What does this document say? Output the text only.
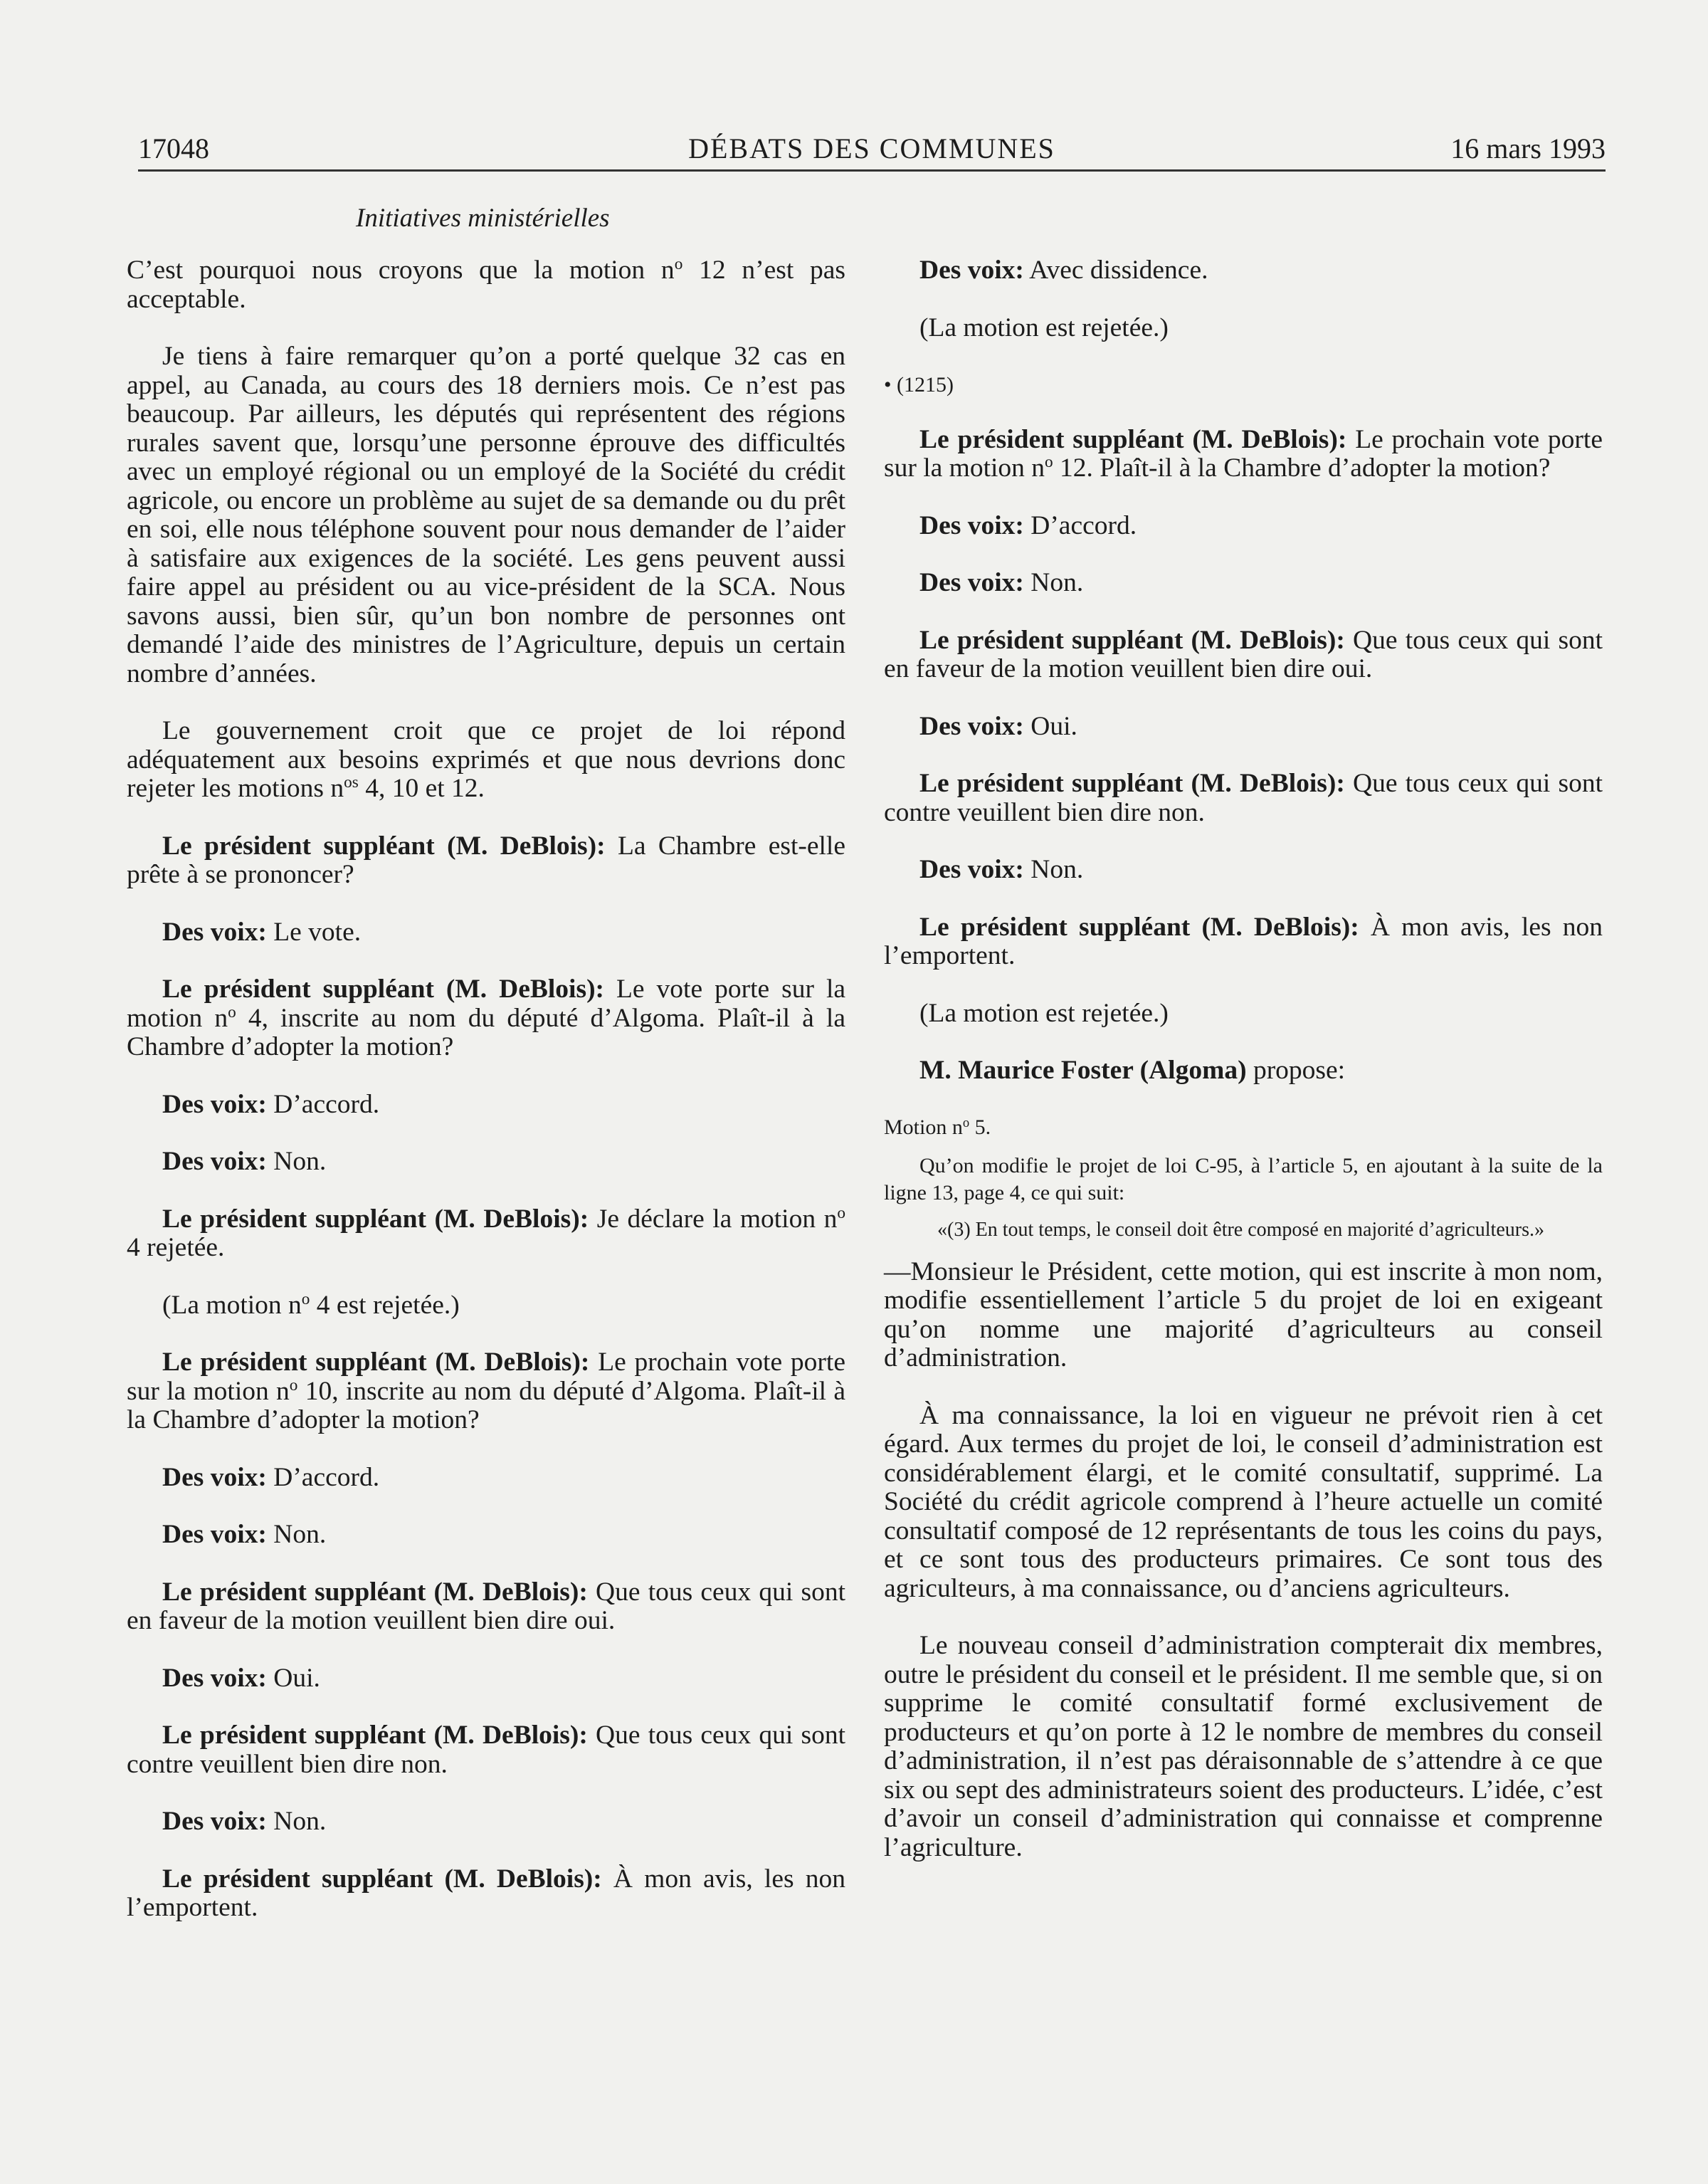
DÉBATS DES COMMUNES
17048	16 mars 1993
Initiatives ministérielles

C’est pourquoi nous croyons que la motion $n^o$ 12 n’est pas acceptable.

Je tiens à faire remarquer qu’on a porté quelque 32 cas en appel, au Canada, au cours des 18 derniers mois. Ce n’est pas beaucoup. Par ailleurs, les députés qui représentent des régions rurales savent que, lorsqu’une personne éprouve des difficultés avec un employé régional ou un employé de la Société du crédit agricole, ou encore un problème au sujet de sa demande ou du prêt en soi, elle nous téléphone souvent pour nous demander de l’aider à satisfaire aux exigences de la société. Les gens peuvent aussi faire appel au président ou au vice-président de la SCA. Nous savons aussi, bien sûr, qu’un bon nombre de personnes ont demandé l’aide des ministres de l’Agriculture, depuis un certain nombre d’années.

Le gouvernement croit que ce projet de loi répond adéquatement aux besoins exprimés et que nous devrions donc rejeter les motions $n^{os}$ 4, 10 et 12.

Le président suppléant (M. DeBlois): La Chambre est-elle prête à se prononcer?

Des voix: Le vote.

Le président suppléant (M. DeBlois): Le vote porte sur la motion $n^o$ 4, inscrite au nom du député d’Algoma. Plaît-il à la Chambre d’adopter la motion?

Des voix: D’accord.

Des voix: Non.

Le président suppléant (M. DeBlois): Je déclare la motion $n^o$ 4 rejetée.

(La motion $n^o$ 4 est rejetée.)

Le président suppléant (M. DeBlois): Le prochain vote porte sur la motion $n^o$ 10, inscrite au nom du député d’Algoma. Plaît-il à la Chambre d’adopter la motion?

Des voix: D’accord.

Des voix: Non.

Le président suppléant (M. DeBlois): Que tous ceux qui sont en faveur de la motion veuillent bien dire oui.

Des voix: Oui.

Le président suppléant (M. DeBlois): Que tous ceux qui sont contre veuillent bien dire non.

Des voix: Non.

Le président suppléant (M. DeBlois): À mon avis, les non l’emportent.

Des voix: Avec dissidence.

(La motion est rejetée.)

• (1215)

Le président suppléant (M. DeBlois): Le prochain vote porte sur la motion $n^o$ 12. Plaît-il à la Chambre d’adopter la motion?

Des voix: D’accord.

Des voix: Non.

Le président suppléant (M. DeBlois): Que tous ceux qui sont en faveur de la motion veuillent bien dire oui.

Des voix: Oui.

Le président suppléant (M. DeBlois): Que tous ceux qui sont contre veuillent bien dire non.

Des voix: Non.

Le président suppléant (M. DeBlois): À mon avis, les non l’emportent.

(La motion est rejetée.)

M. Maurice Foster (Algoma) propose:

Motion $n^o$ 5.

Qu’on modifie le projet de loi C-95, à l’article 5, en ajoutant à la suite de la ligne 13, page 4, ce qui suit:

«(3) En tout temps, le conseil doit être composé en majorité d’agriculteurs.»

—Monsieur le Président, cette motion, qui est inscrite à mon nom, modifie essentiellement l’article 5 du projet de loi en exigeant qu’on nomme une majorité d’agriculteurs au conseil d’administration.

À ma connaissance, la loi en vigueur ne prévoit rien à cet égard. Aux termes du projet de loi, le conseil d’administration est considérablement élargi, et le comité consultatif, supprimé. La Société du crédit agricole comprend à l’heure actuelle un comité consultatif composé de 12 représentants de tous les coins du pays, et ce sont tous des producteurs primaires. Ce sont tous des agriculteurs, à ma connaissance, ou d’anciens agriculteurs.

Le nouveau conseil d’administration compterait dix membres, outre le président du conseil et le président. Il me semble que, si on supprime le comité consultatif formé exclusivement de producteurs et qu’on porte à 12 le nombre de membres du conseil d’administration, il n’est pas déraisonnable de s’attendre à ce que six ou sept des administrateurs soient des producteurs. L’idée, c’est d’avoir un conseil d’administration qui connaisse et comprenne l’agriculture.
